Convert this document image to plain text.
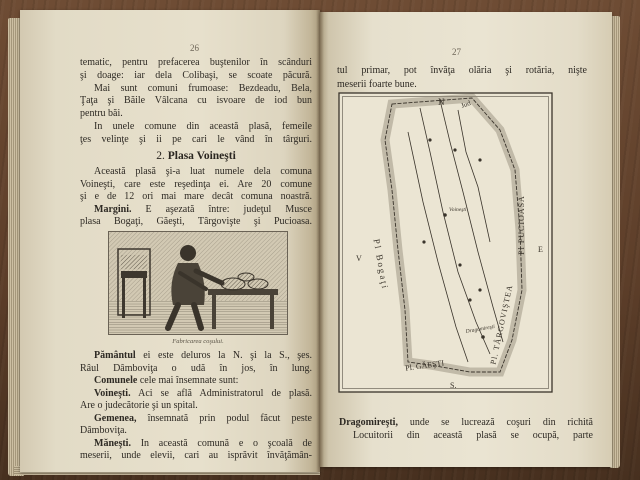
26
tematic, pentru prefacerea buştenilor în scânduri
şi doage: iar dela Colibaşi, se scoate păcură.
Mai sunt comuni frumoase: Bezdeadu, Bela,
Ţaţa şi Băile Vâlcana cu isvoare de iod bun
pentru băi.
In unele comune din această plasă, femeile
ţes velinţe şi ii pe cari le vând în târguri.
2. Plasa Voineşti
Această plasă şi-a luat numele dela comuna
Voineşti, care este reşedinţa ei. Are 20 comune
şi e de 12 ori mai mare decât comuna noastră.
Margini. E aşezată între: judeţul Musce
plasa Bogaţi, Găeşti, Târgovişte şi Pucioasa.
Fabricarea coşului.
Pământul ei este deluros la N. şi la S., şes.
Râul Dâmboviţa o udă în jos, în lung.
Comunele cele mai însemnate sunt:
Voineşti. Aci se află Administratorul de plasă.
Are o judecătorie şi un spital.
Gemenea, însemnată prin podul făcut peste
Dâmboviţa.
Măneşti. In această comună e o şcoală de
meserii, unde elevii, cari au isprăvit învăţămân-
27
tul primar, pot învăţa olăria şi rotăria, nişte
meserii foarte bune.
N Jud
V
E
S.
Pl Bogaţi
Pl PUCIOASA
Pl. TÂRGOVIŞTEA
Pl. GĂEŞTI
Voineşti
Dragomireşti
Dragomireşti, unde se lucrează coşuri din richită
Locuitorii din această plasă se ocupă, parte
